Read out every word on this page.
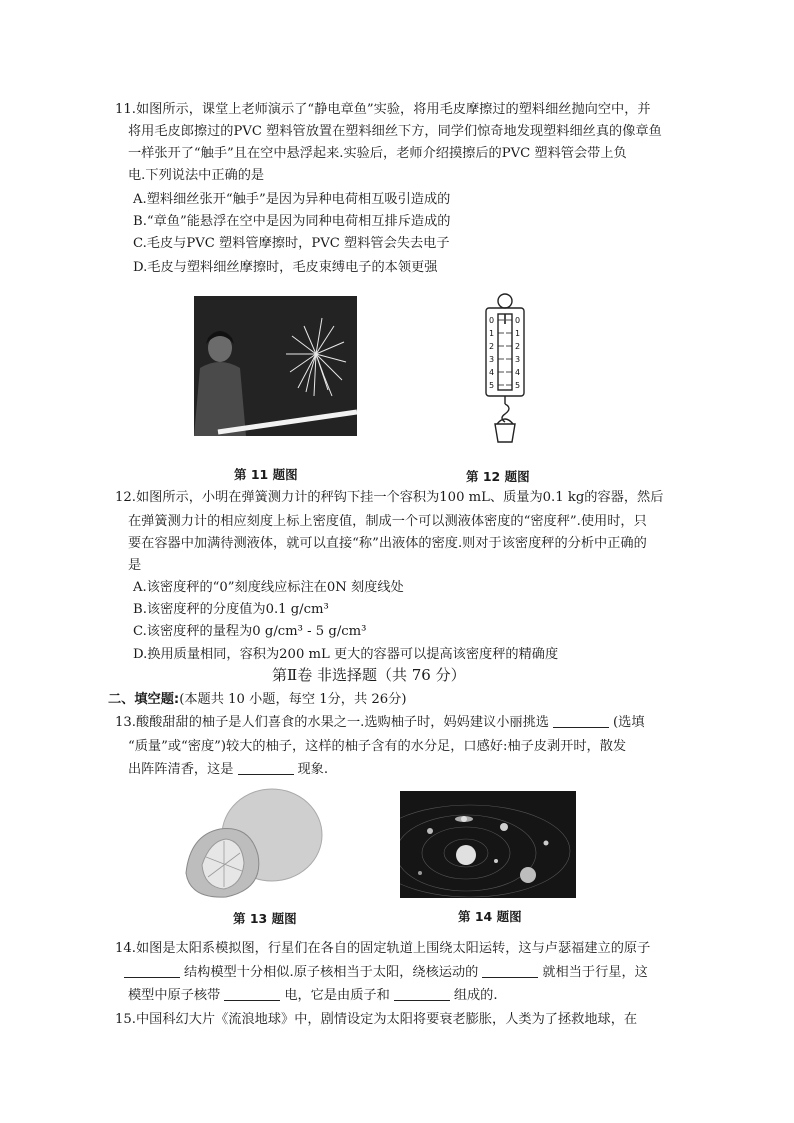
11.如图所示，课堂上老师演示了“静电章鱼”实验，将用毛皮摩擦过的塑料细丝抛向空中，并
将用毛皮郎擦过的PVC 塑料管放置在塑料细丝下方，同学们惊奇地发现塑料细丝真的像章鱼
一样张开了“触手”且在空中悬浮起来.实验后，老师介绍摸擦后的PVC 塑料管会带上负
电.下列说法中正确的是
A.塑料细丝张开“触手”是因为异种电荷相互吸引造成的
B.“章鱼”能悬浮在空中是因为同种电荷相互排斥造成的
C.毛皮与PVC 塑料管摩擦时，PVC 塑料管会失去电子
D.毛皮与塑料细丝摩擦时，毛皮束缚电子的本领更强
0
1
2
3
4
5
0
1
2
3
4
5
第 11 题图	第 12 题图
12.如图所示，小明在弹簧测力计的秤钩下挂一个容积为100 mL、质量为0.1 kg的容器，然后
在弹簧测力计的相应刻度上标上密度值，制成一个可以测液体密度的“密度秤”.使用时，只
要在容器中加满待测液体，就可以直接“称”出液体的密度.则对于该密度秤的分析中正确的
是
A.该密度秤的“0”刻度线应标注在0N 刻度线处
B.该密度秤的分度值为0.1 g/cm³
C.该密度秤的量程为0 g/cm³ - 5 g/cm³
D.换用质量相同，容积为200 mL 更大的容器可以提高该密度秤的精确度
第Ⅱ卷 非选择题（共 76 分）
二、填空题:(本题共 10 小题，每空 1分，共 26分)
13.酸酸甜甜的柚子是人们喜食的水果之一.选购柚子时，妈妈建议小丽挑选	(选填
“质量”或“密度”)较大的柚子，这样的柚子含有的水分足，口感好:柚子皮剥开时，散发
出阵阵清香，这是	现象.
第 13 题图	第 14 题图
14.如图是太阳系模拟图，行星们在各自的固定轨道上围绕太阳运转，这与卢瑟福建立的原子
结构模型十分相似.原子核相当于太阳，绕核运动的	就相当于行星，这
模型中原子核带	电，它是由质子和	组成的.
15.中国科幻大片《流浪地球》中，剧情设定为太阳将要衰老膨胀，人类为了拯救地球，在
